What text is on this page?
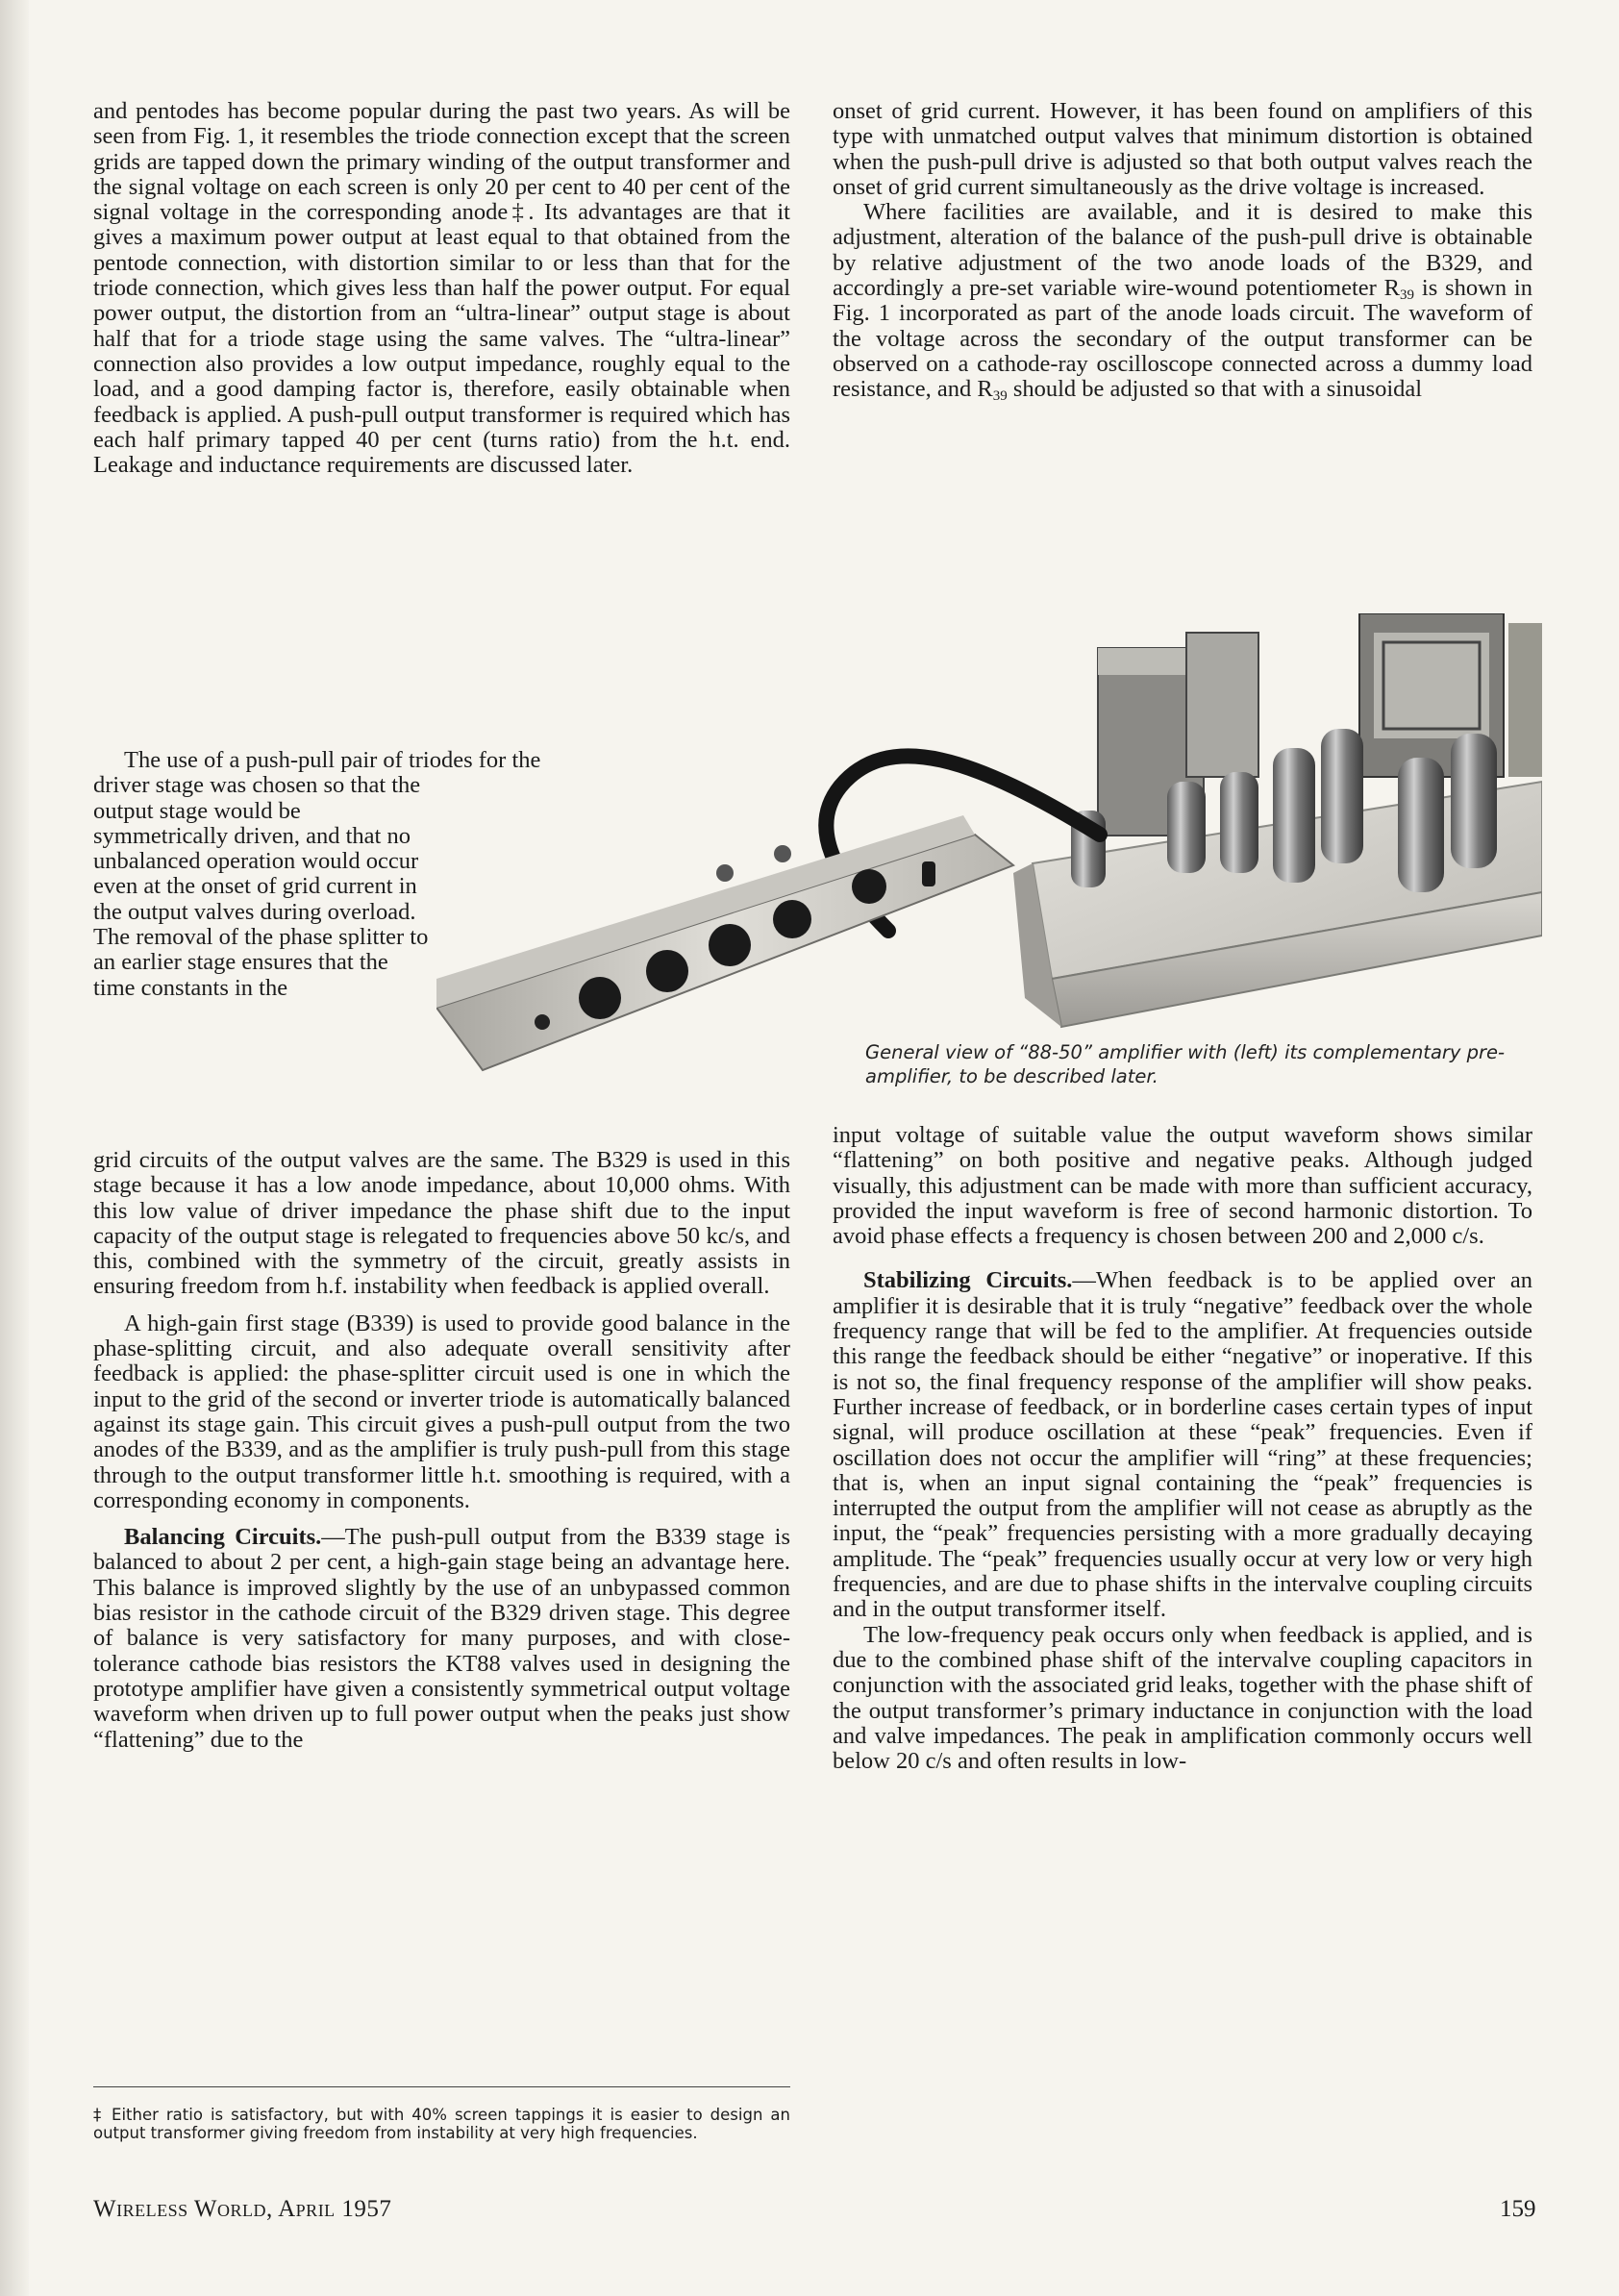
and pentodes has become popular during the past two years. As will be seen from Fig. 1, it resembles the triode connection except that the screen grids are tapped down the primary winding of the output transformer and the signal voltage on each screen is only 20 per cent to 40 per cent of the signal voltage in the corresponding anode‡. Its advantages are that it gives a maximum power output at least equal to that obtained from the pentode connection, with distortion similar to or less than that for the triode connection, which gives less than half the power output. For equal power output, the distortion from an “ultra-linear” output stage is about half that for a triode stage using the same valves. The “ultra-linear” connection also provides a low output impedance, roughly equal to the load, and a good damping factor is, therefore, easily obtainable when feedback is applied. A push-pull output transformer is required which has each half primary tapped 40 per cent (turns ratio) from the h.t. end. Leakage and inductance requirements are discussed later.

The use of a push-pull pair of triodes for the

driver stage was chosen so that the output stage would be symmetrically driven, and that no unbalanced operation would occur even at the onset of grid current in the output valves during overload. The removal of the phase splitter to an earlier stage ensures that the time constants in the

grid circuits of the output valves are the same. The B329 is used in this stage because it has a low anode impedance, about 10,000 ohms. With this low value of driver impedance the phase shift due to the input capacity of the output stage is relegated to frequencies above 50 kc/s, and this, combined with the symmetry of the circuit, greatly assists in ensuring freedom from h.f. instability when feedback is applied overall.

A high-gain first stage (B339) is used to provide good balance in the phase-splitting circuit, and also adequate overall sensitivity after feedback is applied: the phase-splitter circuit used is one in which the input to the grid of the second or inverter triode is automatically balanced against its stage gain. This circuit gives a push-pull output from the two anodes of the B339, and as the amplifier is truly push-pull from this stage through to the output transformer little h.t. smoothing is required, with a corresponding economy in components.

Balancing Circuits.—The push-pull output from the B339 stage is balanced to about 2 per cent, a high-gain stage being an advantage here. This balance is improved slightly by the use of an unbypassed common bias resistor in the cathode circuit of the B329 driven stage. This degree of balance is very satisfactory for many purposes, and with close-tolerance cathode bias resistors the KT88 valves used in designing the prototype amplifier have given a consistently symmetrical output voltage waveform when driven up to full power output when the peaks just show “flattening” due to the

onset of grid current. However, it has been found on amplifiers of this type with unmatched output valves that minimum distortion is obtained when the push-pull drive is adjusted so that both output valves reach the onset of grid current simultaneously as the drive voltage is increased.

Where facilities are available, and it is desired to make this adjustment, alteration of the balance of the push-pull drive is obtainable by relative adjustment of the two anode loads of the B329, and accordingly a pre-set variable wire-wound potentiometer $R_{39}$ is shown in Fig. 1 incorporated as part of the anode loads circuit. The waveform of the voltage across the secondary of the output transformer can be observed on a cathode-ray oscilloscope connected across a dummy load resistance, and $R_{39}$ should be adjusted so that with a sinusoidal

General view of “88-50” amplifier with (left) its complementary pre-amplifier, to be described later.

input voltage of suitable value the output waveform shows similar “flattening” on both positive and negative peaks. Although judged visually, this adjustment can be made with more than sufficient accuracy, provided the input waveform is free of second harmonic distortion. To avoid phase effects a frequency is chosen between 200 and 2,000 c/s.

Stabilizing Circuits.—When feedback is to be applied over an amplifier it is desirable that it is truly “negative” feedback over the whole frequency range that will be fed to the amplifier. At frequencies outside this range the feedback should be either “negative” or inoperative. If this is not so, the final frequency response of the amplifier will show peaks. Further increase of feedback, or in borderline cases certain types of input signal, will produce oscillation at these “peak” frequencies. Even if oscillation does not occur the amplifier will “ring” at these frequencies; that is, when an input signal containing the “peak” frequencies is interrupted the output from the amplifier will not cease as abruptly as the input, the “peak” frequencies persisting with a more gradually decaying amplitude. The “peak” frequencies usually occur at very low or very high frequencies, and are due to phase shifts in the intervalve coupling circuits and in the output transformer itself.

The low-frequency peak occurs only when feedback is applied, and is due to the combined phase shift of the intervalve coupling capacitors in conjunction with the associated grid leaks, together with the phase shift of the output transformer’s primary inductance in conjunction with the load and valve impedances. The peak in amplification commonly occurs well below 20 c/s and often results in low-

‡ Either ratio is satisfactory, but with 40% screen tappings it is easier to design an output transformer giving freedom from instability at very high frequencies.
Wireless World, April 1957	159
